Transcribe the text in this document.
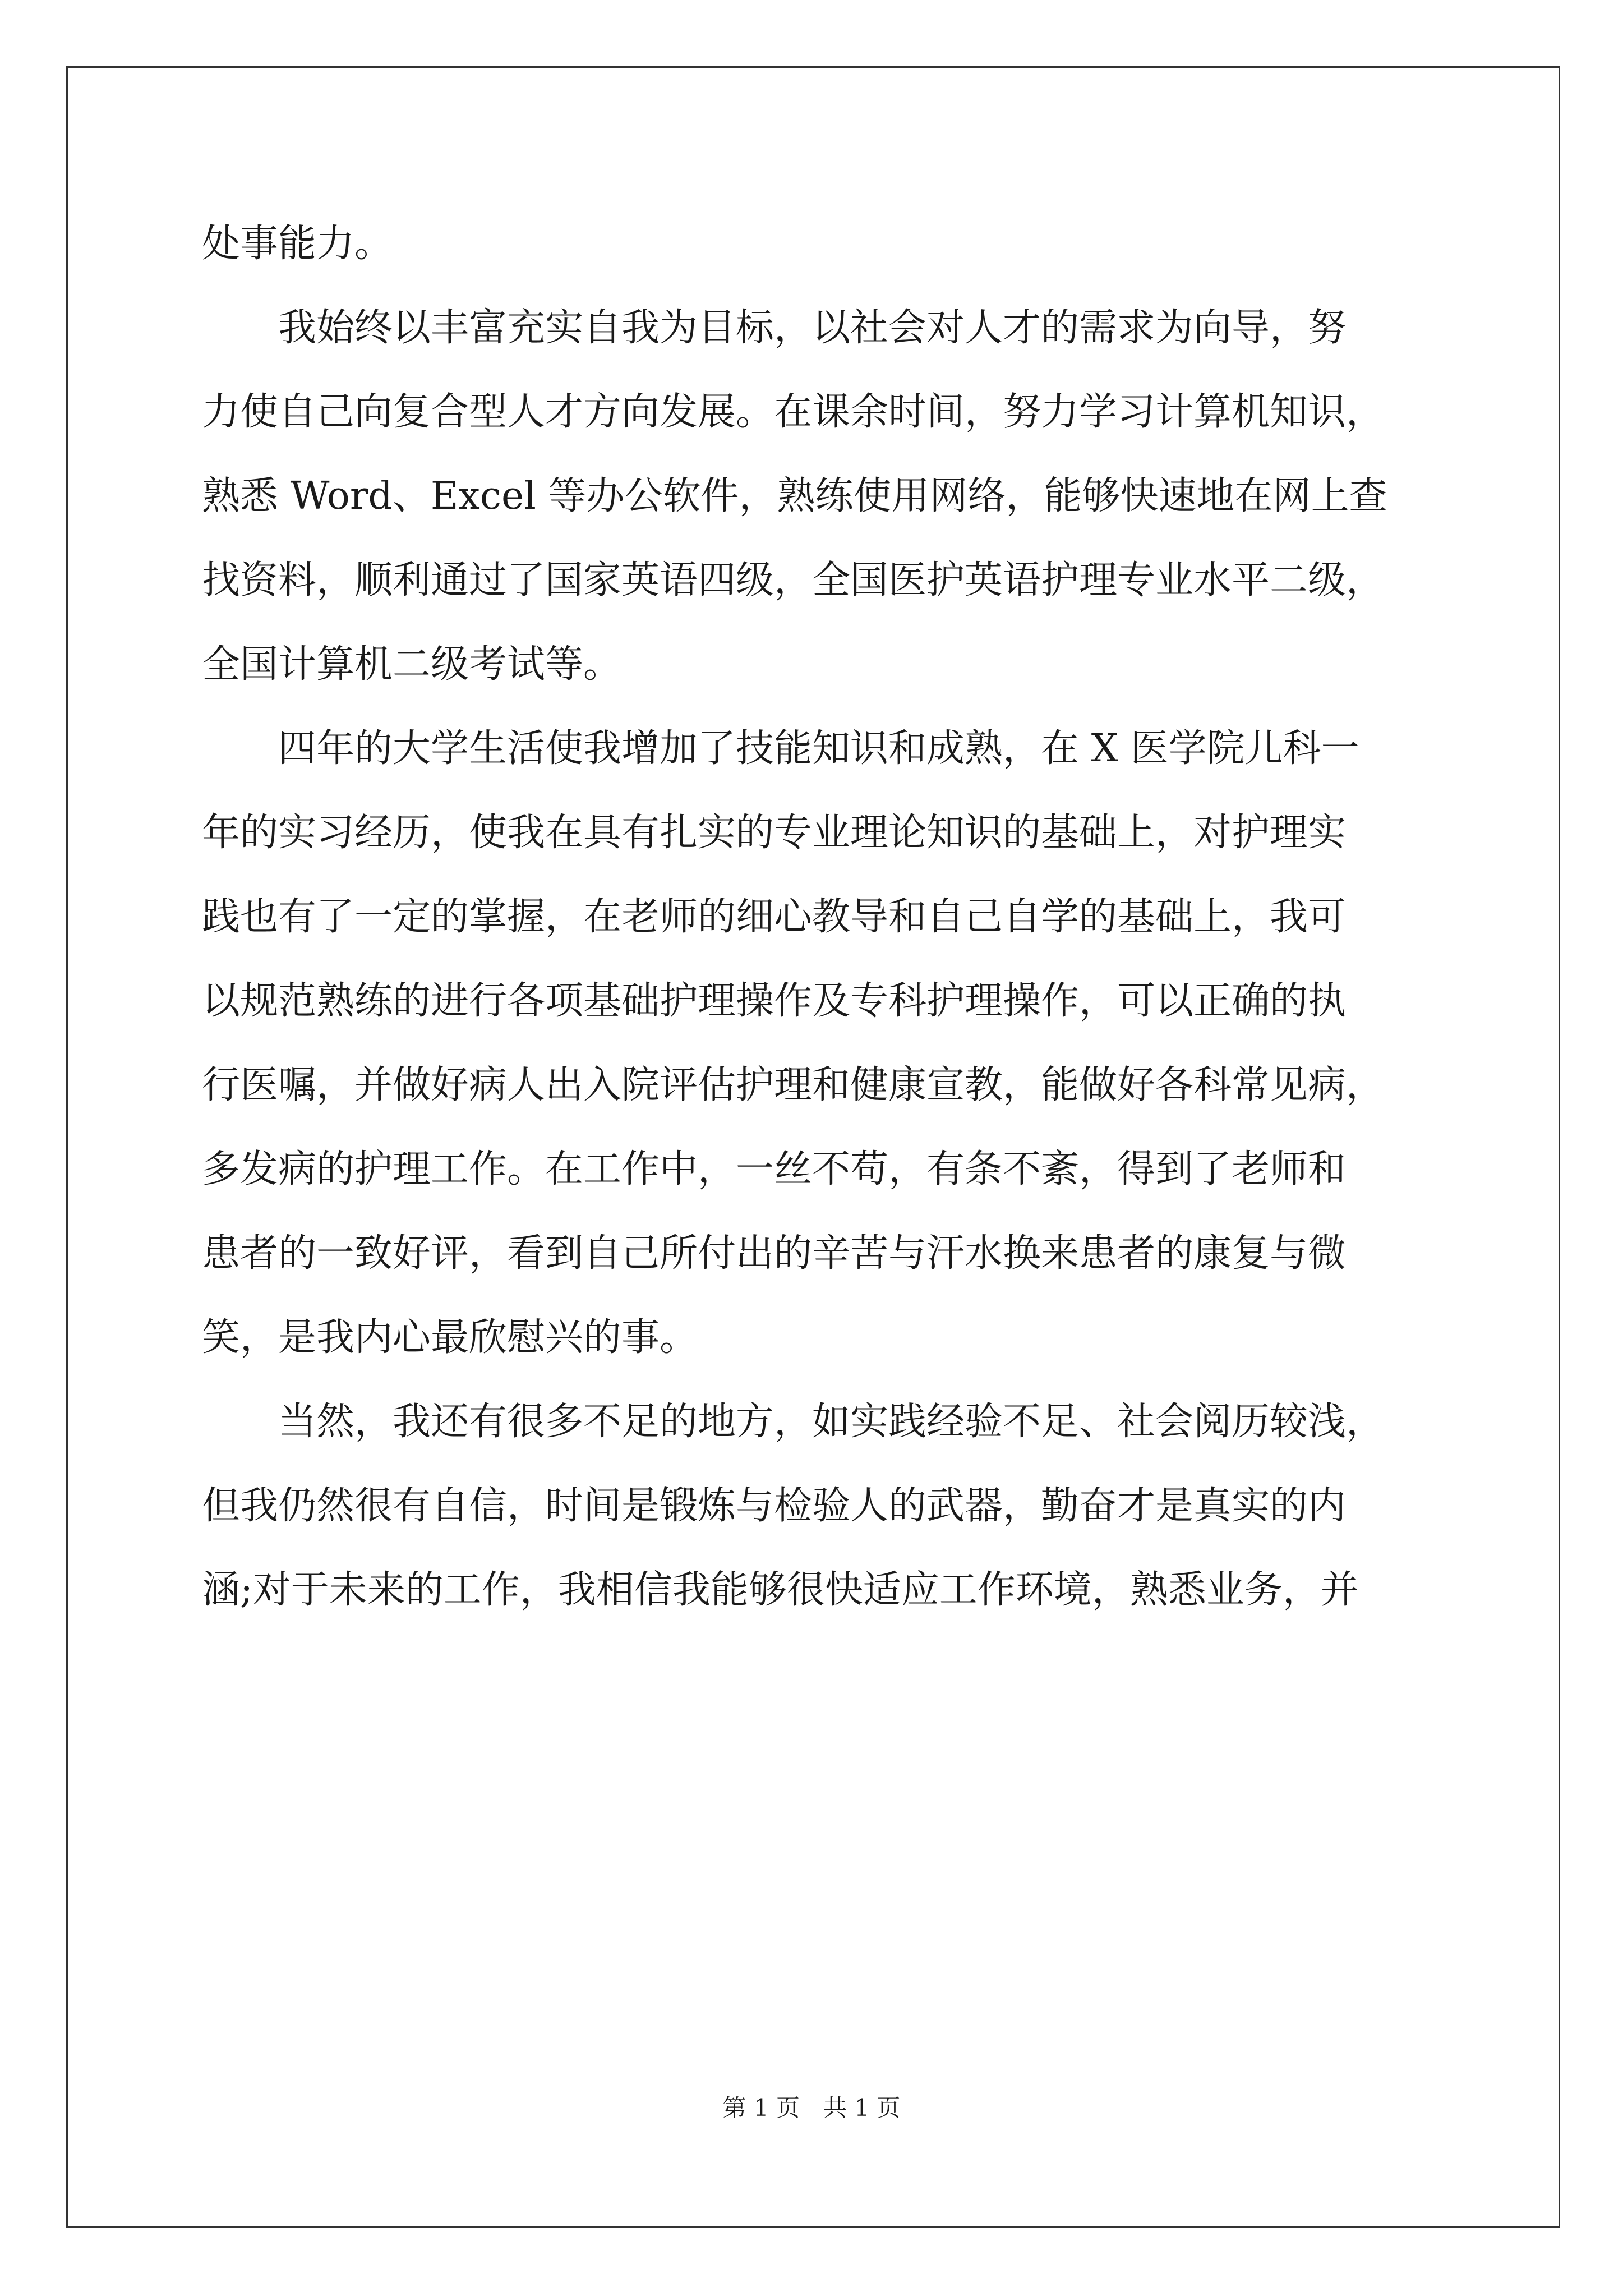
处事能力。
　　我始终以丰富充实自我为目标，以社会对人才的需求为向导，努
力使自己向复合型人才方向发展。在课余时间，努力学习计算机知识，
熟悉 Word、Excel 等办公软件，熟练使用网络，能够快速地在网上查
找资料，顺利通过了国家英语四级，全国医护英语护理专业水平二级，
全国计算机二级考试等。
　　四年的大学生活使我增加了技能知识和成熟，在 X 医学院儿科一
年的实习经历，使我在具有扎实的专业理论知识的基础上，对护理实
践也有了一定的掌握，在老师的细心教导和自己自学的基础上，我可
以规范熟练的进行各项基础护理操作及专科护理操作，可以正确的执
行医嘱，并做好病人出入院评估护理和健康宣教，能做好各科常见病，
多发病的护理工作。在工作中，一丝不苟，有条不紊，得到了老师和
患者的一致好评，看到自己所付出的辛苦与汗水换来患者的康复与微
笑，是我内心最欣慰兴的事。
　　当然，我还有很多不足的地方，如实践经验不足、社会阅历较浅，
但我仍然很有自信，时间是锻炼与检验人的武器，勤奋才是真实的内
涵;对于未来的工作，我相信我能够很快适应工作环境，熟悉业务，并
第 1 页　共 1 页
